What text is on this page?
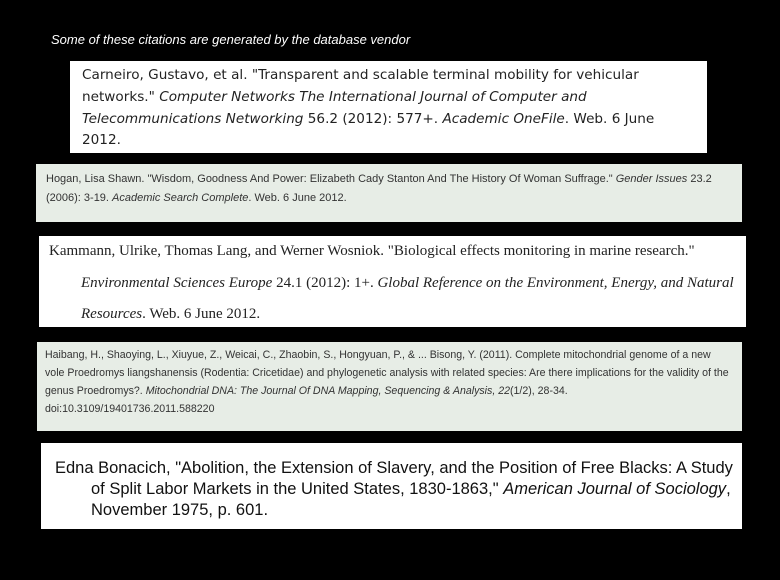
Some of these citations are generated by the database vendor
Carneiro, Gustavo, et al. "Transparent and scalable terminal mobility for vehicular networks." Computer Networks The International Journal of Computer and Telecommunications Networking 56.2 (2012): 577+. Academic OneFile. Web. 6 June 2012.
Hogan, Lisa Shawn. "Wisdom, Goodness And Power: Elizabeth Cady Stanton And The History Of Woman Suffrage." Gender Issues 23.2 (2006): 3-19. Academic Search Complete. Web. 6 June 2012.
Kammann, Ulrike, Thomas Lang, and Werner Wosniok. "Biological effects monitoring in marine research." Environmental Sciences Europe 24.1 (2012): 1+. Global Reference on the Environment, Energy, and Natural Resources. Web. 6 June 2012.
Haibang, H., Shaoying, L., Xiuyue, Z., Weicai, C., Zhaobin, S., Hongyuan, P., & ... Bisong, Y. (2011). Complete mitochondrial genome of a new vole Proedromys liangshanensis (Rodentia: Cricetidae) and phylogenetic analysis with related species: Are there implications for the validity of the genus Proedromys?. Mitochondrial DNA: The Journal Of DNA Mapping, Sequencing & Analysis, 22(1/2), 28-34. doi:10.3109/19401736.2011.588220
Edna Bonacich, "Abolition, the Extension of Slavery, and the Position of Free Blacks: A Study of Split Labor Markets in the United States, 1830-1863," American Journal of Sociology, November 1975, p. 601.
